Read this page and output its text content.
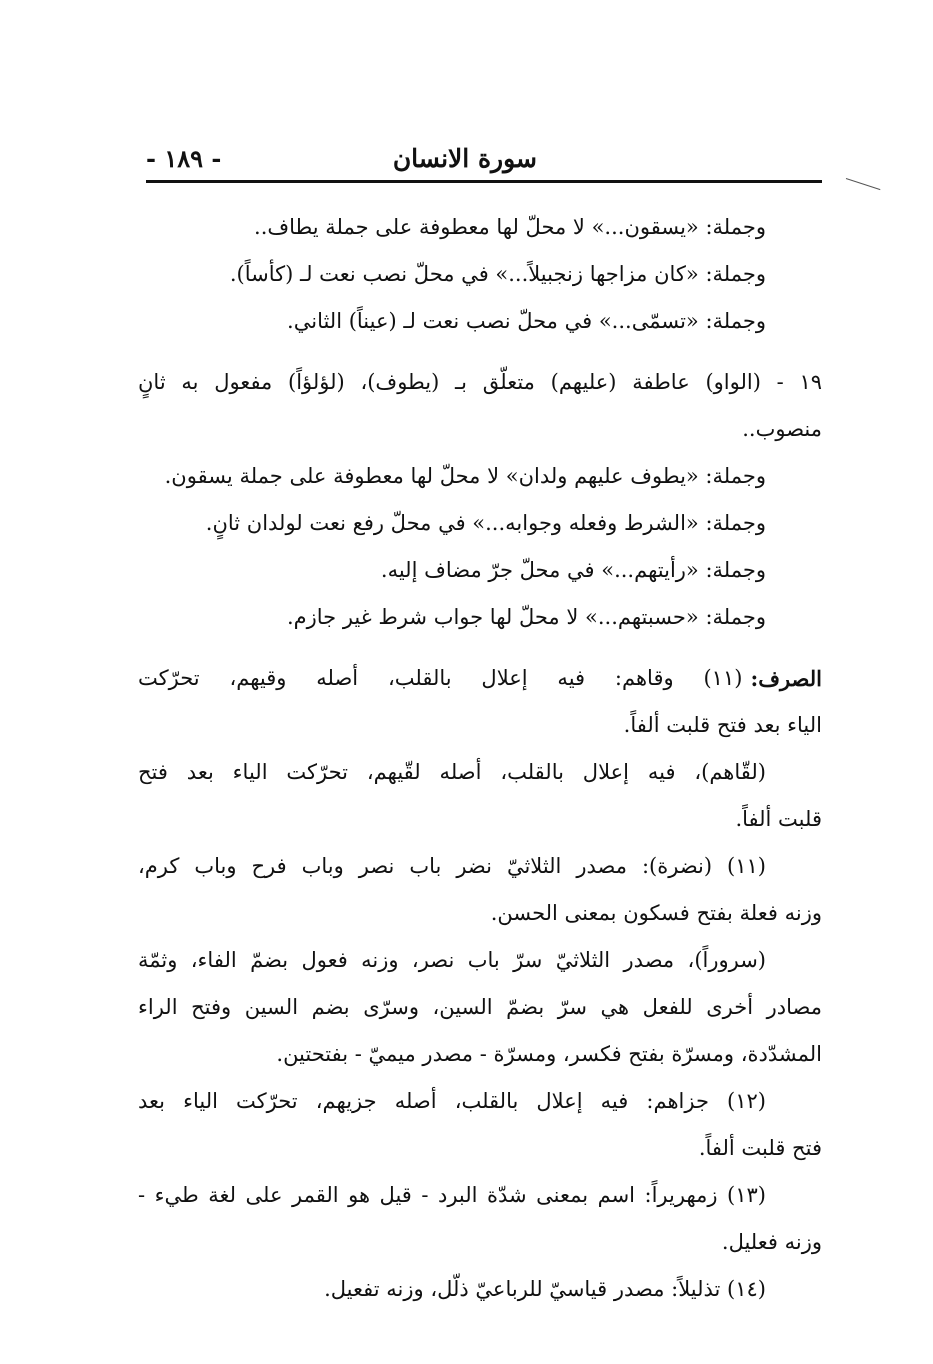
سورة الانسان
- ١٨٩ -
وجملة: «يسقون...» لا محلّ لها معطوفة على جملة يطاف..
وجملة: «كان مزاجها زنجبيلاً...» في محلّ نصب نعت لـ (كأساً).
وجملة: «تسمّى...» في محلّ نصب نعت لـ (عيناً) الثاني.
١٩ - (الواو) عاطفة (عليهم) متعلّق بـ (يطوف)، (لؤلؤاً) مفعول به ثانٍ
منصوب..
وجملة: «يطوف عليهم ولدان» لا محلّ لها معطوفة على جملة يسقون.
وجملة: «الشرط وفعله وجوابه...» في محلّ رفع نعت لولدان ثانٍ.
وجملة: «رأيتهم...» في محلّ جرّ مضاف إليه.
وجملة: «حسبتهم...» لا محلّ لها جواب شرط غير جازم.
الصرف:
(١١) وقاهم: فيه إعلال بالقلب، أصله وقيهم، تحرّكت
الياء بعد فتح قلبت ألفاً.
(لقّاهم)، فيه إعلال بالقلب، أصله لقّيهم، تحرّكت الياء بعد فتح
قلبت ألفاً.
(١١) (نضرة): مصدر الثلاثيّ نضر باب نصر وباب فرح وباب كرم،
وزنه فعلة بفتح فسكون بمعنى الحسن.
(سروراً)، مصدر الثلاثيّ سرّ باب نصر، وزنه فعول بضمّ الفاء، وثمّة
مصادر أخرى للفعل هي سرّ بضمّ السين، وسرّى بضم السين وفتح الراء
المشدّدة، ومسرّة بفتح فكسر، ومسرّة - مصدر ميميّ - بفتحتين.
(١٢) جزاهم: فيه إعلال بالقلب، أصله جزيهم، تحرّكت الياء بعد
فتح قلبت ألفاً.
(١٣) زمهريراً: اسم بمعنى شدّة البرد - قيل هو القمر على لغة طيء -
وزنه فعليل.
(١٤) تذليلاً: مصدر قياسيّ للرباعيّ ذلّل، وزنه تفعيل.
